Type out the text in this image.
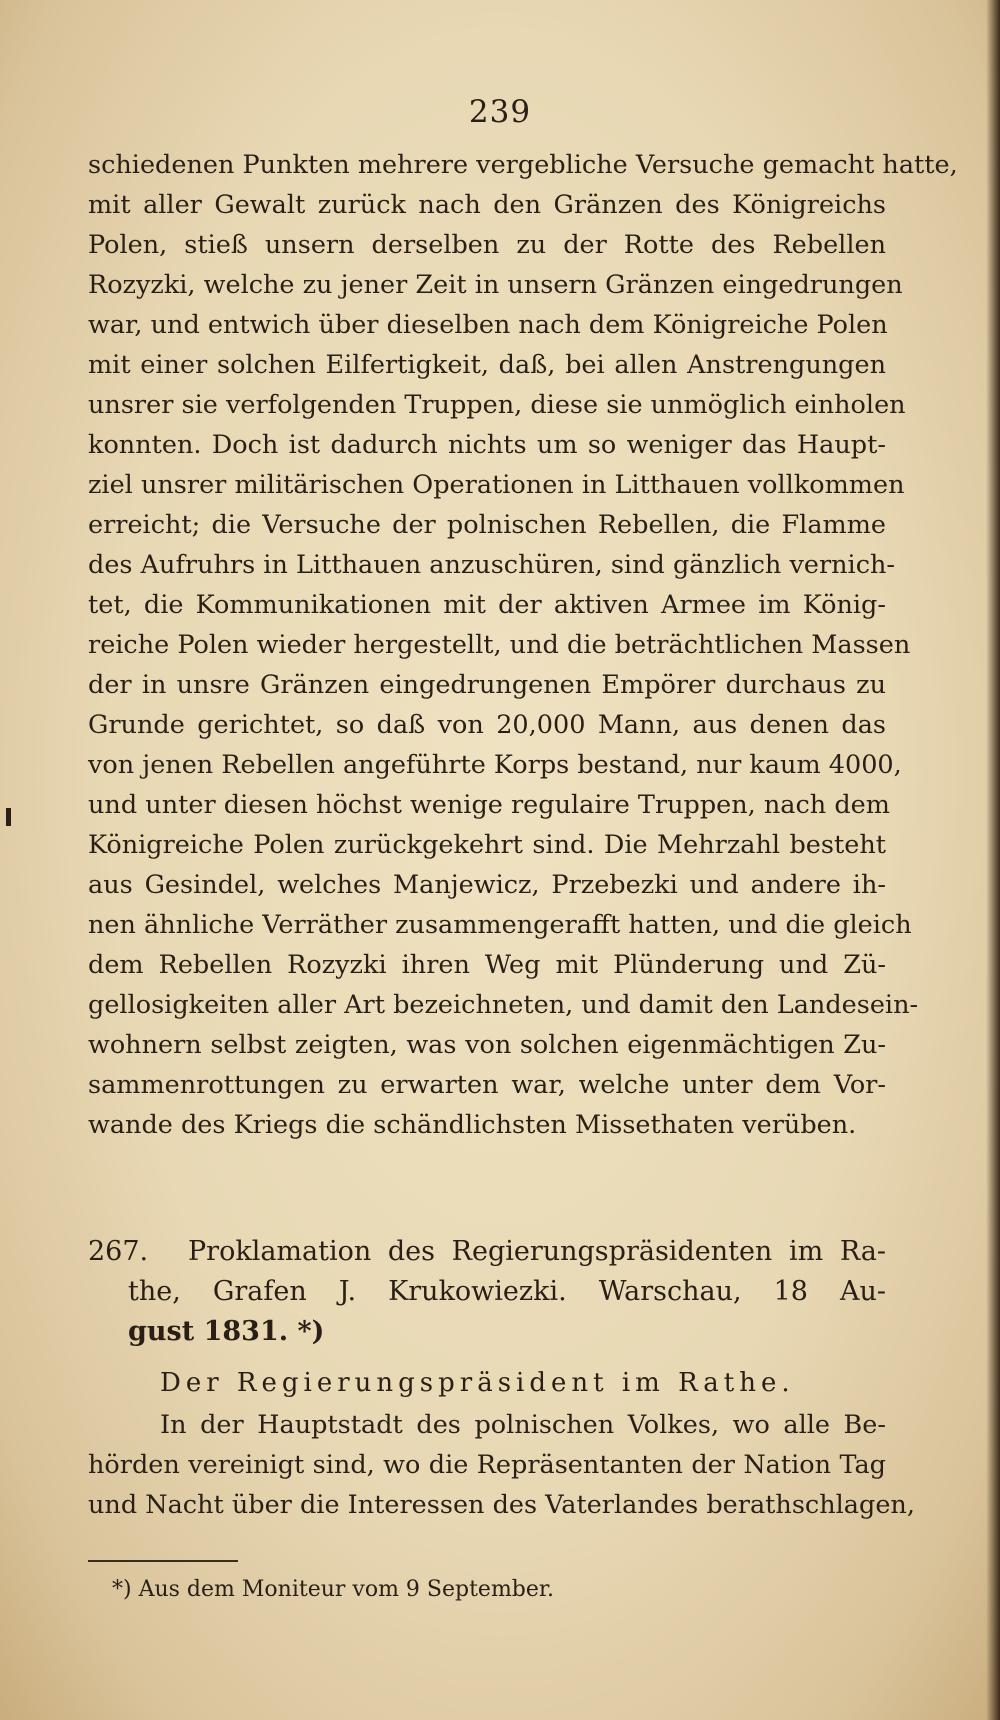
239
schiedenen Punkten mehrere vergebliche Versuche gemacht hatte,
mit aller Gewalt zurück nach den Gränzen des Königreichs
Polen, stieß unsern derselben zu der Rotte des Rebellen
Rozyzki, welche zu jener Zeit in unsern Gränzen eingedrungen
war, und entwich über dieselben nach dem Königreiche Polen
mit einer solchen Eilfertigkeit, daß, bei allen Anstrengungen
unsrer sie verfolgenden Truppen, diese sie unmöglich einholen
konnten. Doch ist dadurch nichts um so weniger das Haupt-
ziel unsrer militärischen Operationen in Litthauen vollkommen
erreicht; die Versuche der polnischen Rebellen, die Flamme
des Aufruhrs in Litthauen anzuschüren, sind gänzlich vernich-
tet, die Kommunikationen mit der aktiven Armee im König-
reiche Polen wieder hergestellt, und die beträchtlichen Massen
der in unsre Gränzen eingedrungenen Empörer durchaus zu
Grunde gerichtet, so daß von 20,000 Mann, aus denen das
von jenen Rebellen angeführte Korps bestand, nur kaum 4000,
und unter diesen höchst wenige regulaire Truppen, nach dem
Königreiche Polen zurückgekehrt sind. Die Mehrzahl besteht
aus Gesindel, welches Manjewicz, Przebezki und andere ih-
nen ähnliche Verräther zusammengerafft hatten, und die gleich
dem Rebellen Rozyzki ihren Weg mit Plünderung und Zü-
gellosigkeiten aller Art bezeichneten, und damit den Landesein-
wohnern selbst zeigten, was von solchen eigenmächtigen Zu-
sammenrottungen zu erwarten war, welche unter dem Vor-
wande des Kriegs die schändlichsten Missethaten verüben.
267. Proklamation des Regierungspräsidenten im Ra-
the, Grafen J. Krukowiezki. Warschau, 18 Au-
gust 1831. *)
Der Regierungspräsident im Rathe.
In der Hauptstadt des polnischen Volkes, wo alle Be-
hörden vereinigt sind, wo die Repräsentanten der Nation Tag
und Nacht über die Interessen des Vaterlandes berathschlagen,
*) Aus dem Moniteur vom 9 September.
